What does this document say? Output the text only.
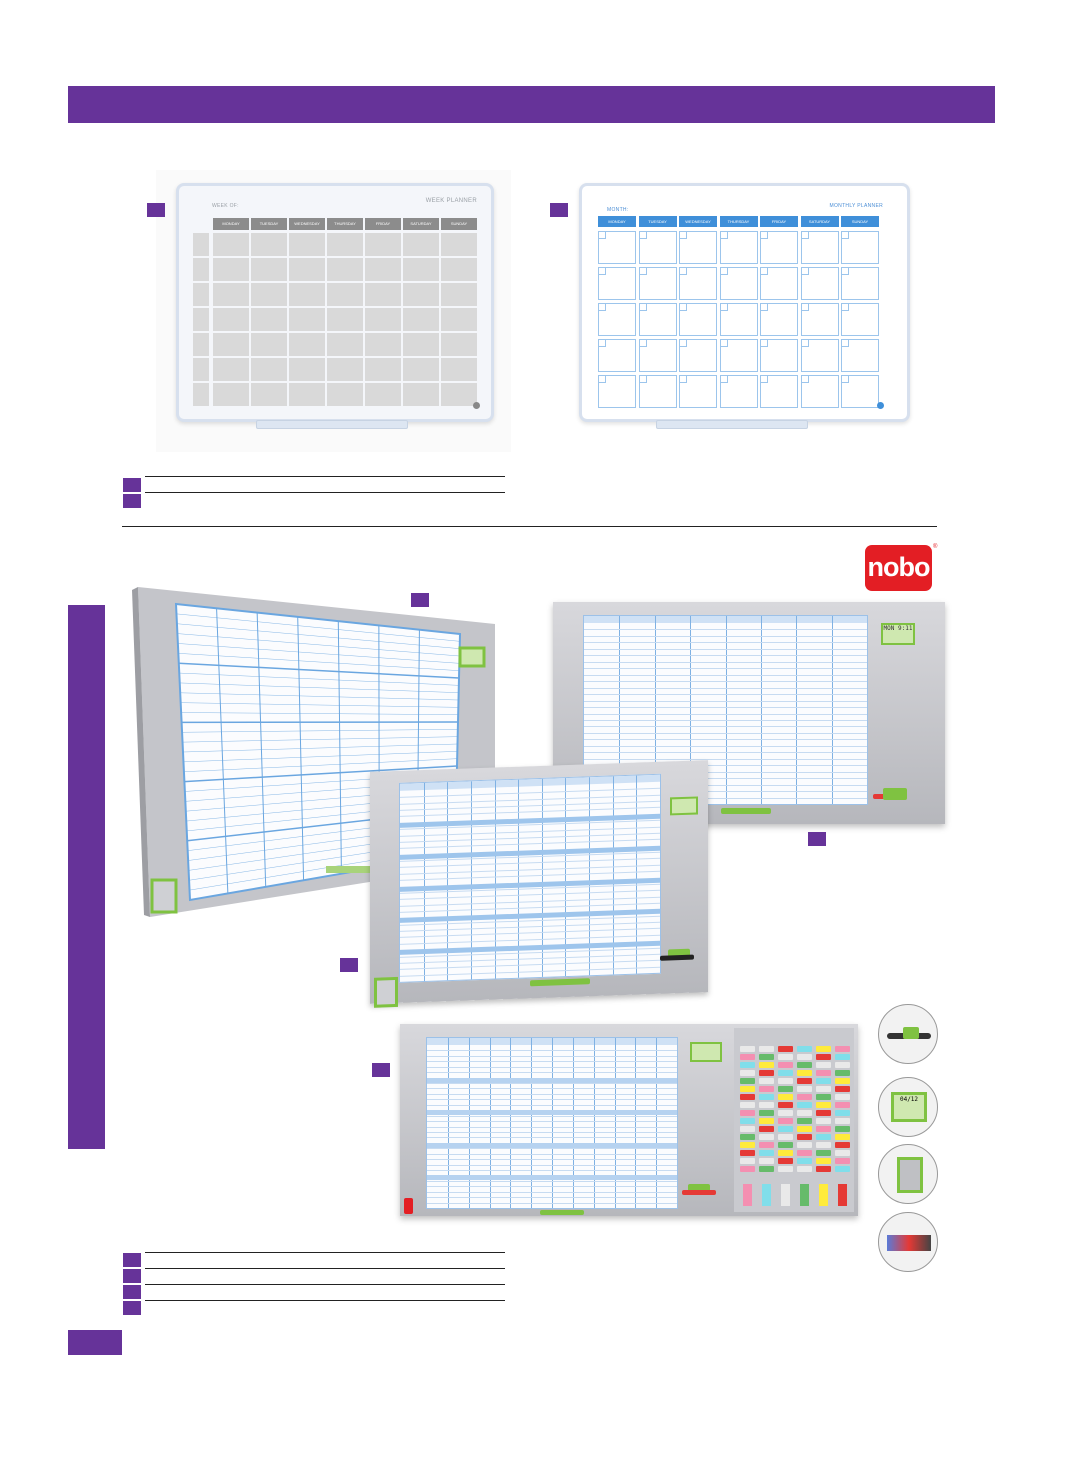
WEEK OF:
WEEK PLANNER
MONDAY	TUESDAY	WEDNESDAY	THURSDAY	FRIDAY	SATURDAY	SUNDAY
MONTH:
MONTHLY PLANNER
MONDAY	TUESDAY	WEDNESDAY	THURSDAY	FRIDAY	SATURDAY	SUNDAY
nobo
®
MON 9:11
04/12
